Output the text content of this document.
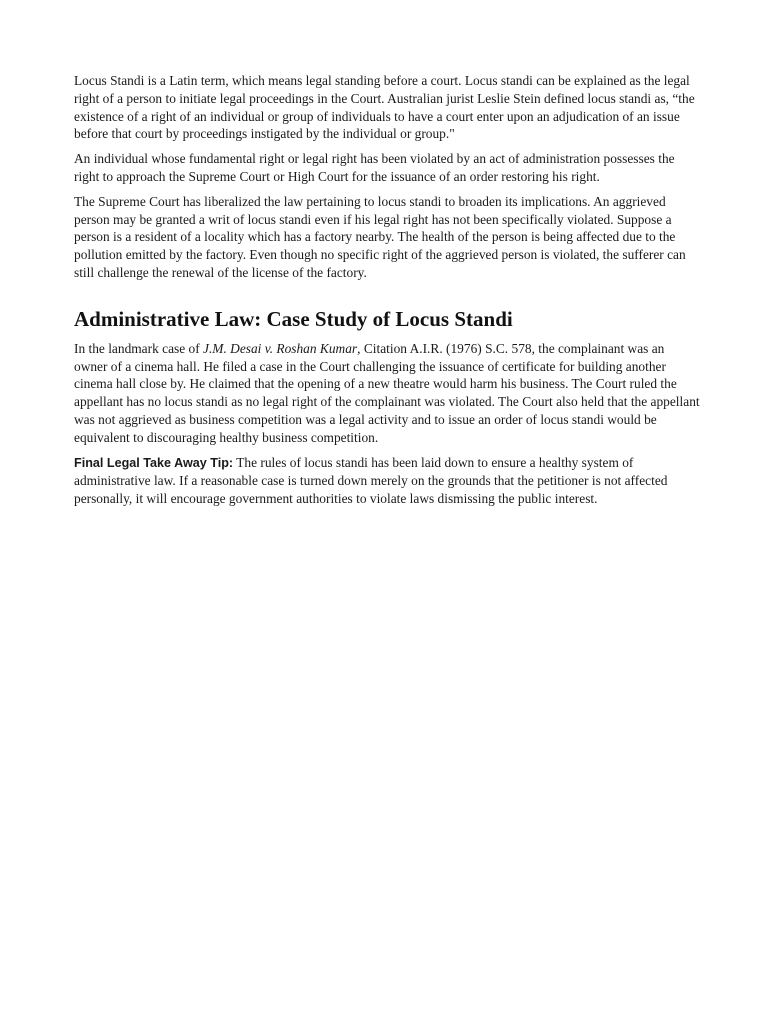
Locus Standi is a Latin term, which means legal standing before a court. Locus standi can be explained as the legal right of a person to initiate legal proceedings in the Court. Australian jurist Leslie Stein defined locus standi as, “the existence of a right of an individual or group of individuals to have a court enter upon an adjudication of an issue before that court by proceedings instigated by the individual or group."

An individual whose fundamental right or legal right has been violated by an act of administration possesses the right to approach the Supreme Court or High Court for the issuance of an order restoring his right.

The Supreme Court has liberalized the law pertaining to locus standi to broaden its implications. An aggrieved person may be granted a writ of locus standi even if his legal right has not been specifically violated. Suppose a person is a resident of a locality which has a factory nearby. The health of the person is being affected due to the pollution emitted by the factory. Even though no specific right of the aggrieved person is violated, the sufferer can still challenge the renewal of the license of the factory.

Administrative Law: Case Study of Locus Standi

In the landmark case of J.M. Desai v. Roshan Kumar, Citation A.I.R. (1976) S.C. 578, the complainant was an owner of a cinema hall. He filed a case in the Court challenging the issuance of certificate for building another cinema hall close by. He claimed that the opening of a new theatre would harm his business. The Court ruled the appellant has no locus standi as no legal right of the complainant was violated. The Court also held that the appellant was not aggrieved as business competition was a legal activity and to issue an order of locus standi would be equivalent to discouraging healthy business competition.

Final Legal Take Away Tip: The rules of locus standi has been laid down to ensure a healthy system of administrative law. If a reasonable case is turned down merely on the grounds that the petitioner is not affected personally, it will encourage government authorities to violate laws dismissing the public interest.
